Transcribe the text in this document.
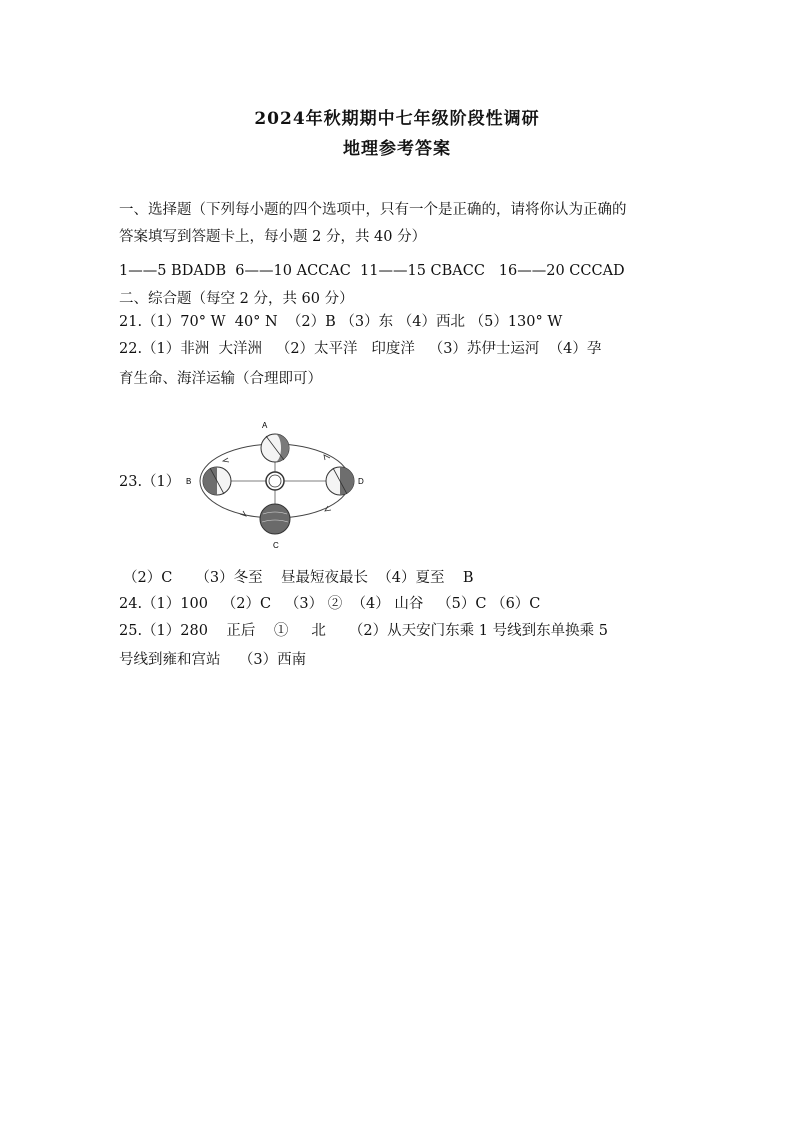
2024年秋期期中七年级阶段性调研
地理参考答案
一、选择题（下列每小题的四个选项中，只有一个是正确的，请将你认为正确的
答案填写到答题卡上，每小题 2 分，共 40 分）
1——5 BDADB  6——10 ACCAC  11——15 CBACC   16——20 CCCAD
二、综合题（每空 2 分，共 60 分）
21.（1）70° W  40° N  （2）B （3）东 （4）西北 （5）130° W
22.（1）非洲  大洋洲   （2）太平洋   印度洋   （3）苏伊士运河  （4）孕
育生命、海洋运输（合理即可）
23.（1）
A
B
C
D
（2）C     （3）冬至    昼最短夜最长  （4）夏至    B
24.（1）100   （2）C   （3） ②  （4） 山谷   （5）C （6）C
25.（1）280    正后    ①     北     （2）从天安门东乘 1 号线到东单换乘 5
号线到雍和宫站    （3）西南
